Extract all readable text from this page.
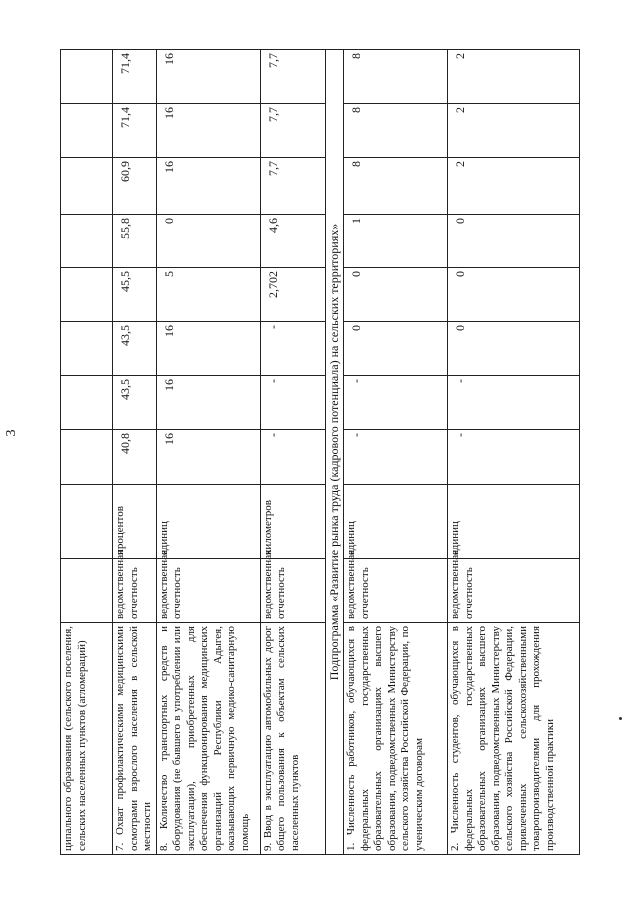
3
ципального образования (сельского поселения, сельских населенных пунктов (агломераций)										
7. Охват профилактическими медицинскими осмотрами взрослого населения в сельской местности	ведомственная отчетность	процентов	40,8	43,5	43,5	45,5	55,8	60,9	71,4	71,4
8. Количество транспортных средств и оборудования (не бывшего в употреблении или эксплуатации), приобретенных для обеспечения функционирования медицинских организаций Республики Адыгея, оказывающих первичную медико-санитарную помощь	ведомственная отчетность	единиц	16	16	16	5	0	16	16	16
9. Ввод в эксплуатацию автомобильных дорог общего пользования к объектам сельских населенных пунктов	ведомственная отчетность	километров	-	-	-	2,702	4,6	7,7	7,7	7,7
Подпрограмма «Развитие рынка труда (кадрового потенциала) на сельских территориях»										
1. Численность работников, обучающихся в федеральных государственных образовательных организациях высшего образования, подведомственных Министерству сельского хозяйства Российской Федерации, по ученическим договорам	ведомственная отчетность	единиц	-	-	0	0	1	8	8	8
2. Численность студентов, обучающихся в федеральных государственных образовательных организациях высшего образования, подведомственных Министерству сельского хозяйства Российской Федерации, привлеченных сельскохозяйственными товаропроизводителями для прохождения производственной практики	ведомственная отчетность	единиц	-	-	0	0	0	2	2	2
